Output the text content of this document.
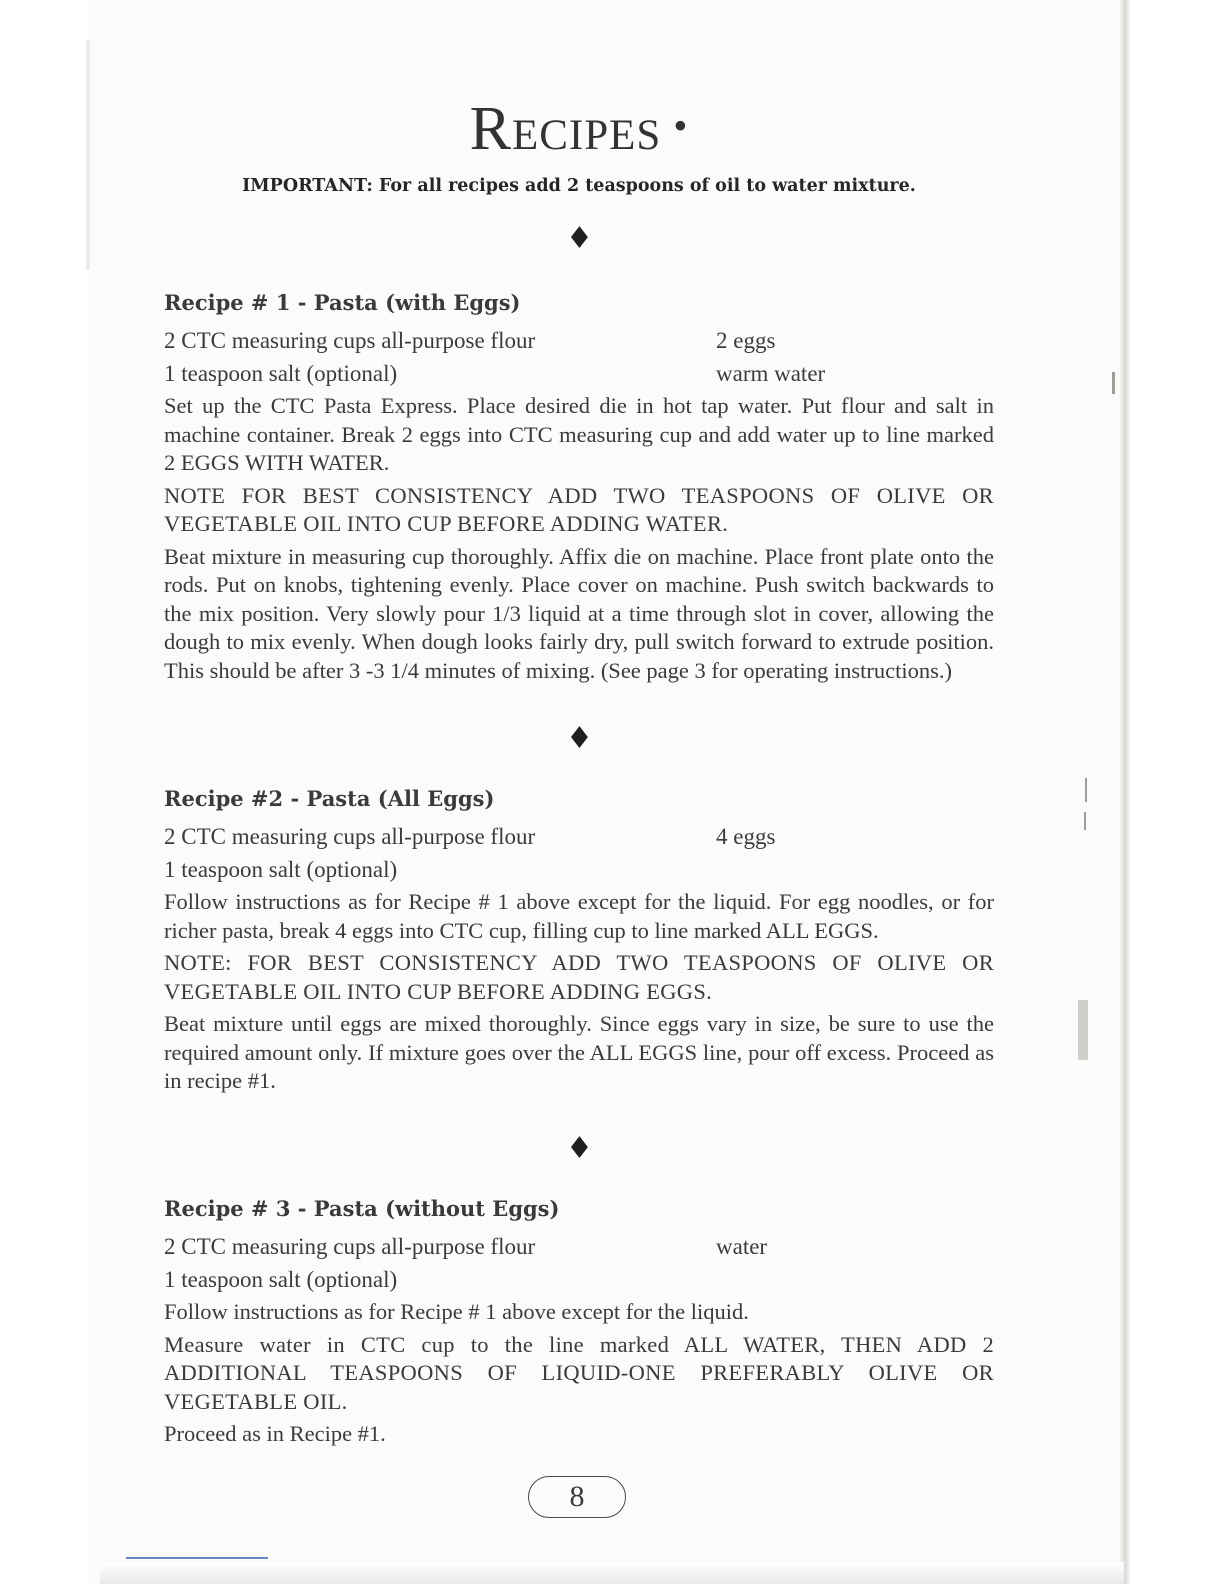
Recipes •
IMPORTANT: For all recipes add 2 teaspoons of oil to water mixture.
♦
Recipe # 1 - Pasta (with Eggs)
2 CTC measuring cups all-purpose flour	2 eggs
1 teaspoon salt (optional)	warm water

Set up the CTC Pasta Express. Place desired die in hot tap water. Put flour and salt in machine container. Break 2 eggs into CTC measuring cup and add water up to line marked 2 EGGS WITH WATER.

NOTE FOR BEST CONSISTENCY ADD TWO TEASPOONS OF OLIVE OR VEGETABLE OIL INTO CUP BEFORE ADDING WATER.

Beat mixture in measuring cup thoroughly. Affix die on machine. Place front plate onto the rods. Put on knobs, tightening evenly. Place cover on machine. Push switch backwards to the mix position. Very slowly pour 1/3 liquid at a time through slot in cover, allowing the dough to mix evenly. When dough looks fairly dry, pull switch forward to extrude position. This should be after 3 -3 1/4 minutes of mixing. (See page 3 for operating instructions.)

♦
Recipe #2 - Pasta (All Eggs)
2 CTC measuring cups all-purpose flour	4 eggs
1 teaspoon salt (optional)

Follow instructions as for Recipe # 1 above except for the liquid. For egg noodles, or for richer pasta, break 4 eggs into CTC cup, filling cup to line marked ALL EGGS.

NOTE: FOR BEST CONSISTENCY ADD TWO TEASPOONS OF OLIVE OR VEGETABLE OIL INTO CUP BEFORE ADDING EGGS.

Beat mixture until eggs are mixed thoroughly. Since eggs vary in size, be sure to use the required amount only. If mixture goes over the ALL EGGS line, pour off excess. Proceed as in recipe #1.

♦
Recipe # 3 - Pasta (without Eggs)
2 CTC measuring cups all-purpose flour	water
1 teaspoon salt (optional)

Follow instructions as for Recipe # 1 above except for the liquid.

Measure water in CTC cup to the line marked ALL WATER, THEN ADD 2 ADDITIONAL TEASPOONS OF LIQUID-ONE PREFERABLY OLIVE OR VEGETABLE OIL.

Proceed as in Recipe #1.

8
